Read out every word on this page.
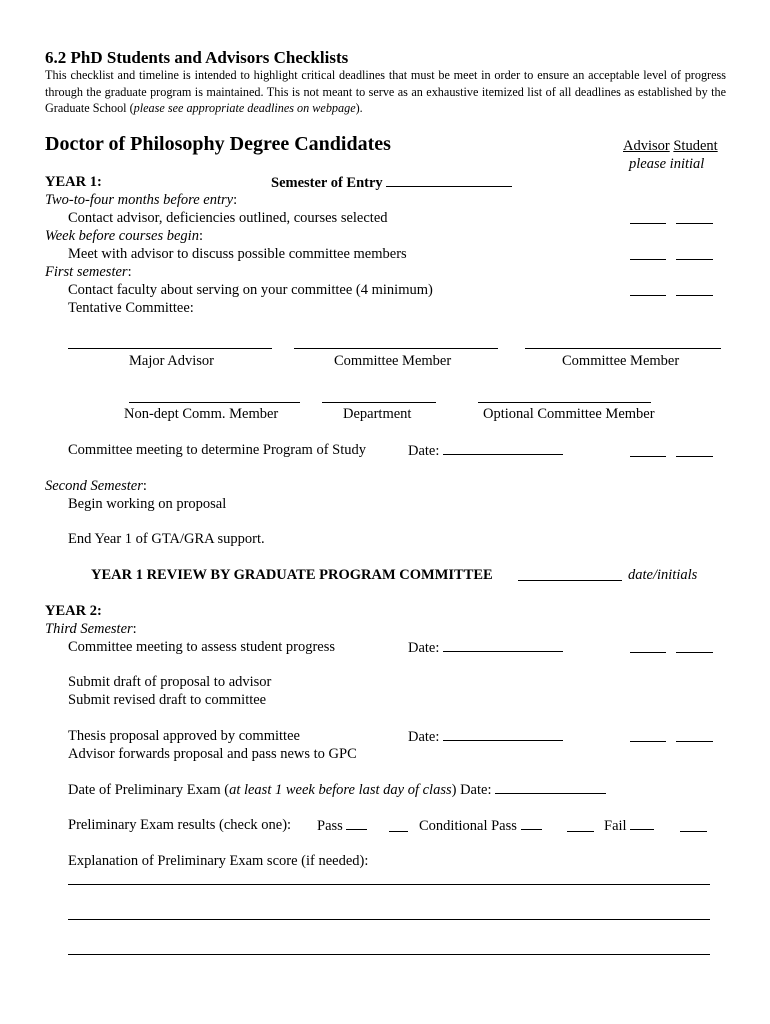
6.2 PhD Students and Advisors Checklists
This checklist and timeline is intended to highlight critical deadlines that must be meet in order to ensure an acceptable level of progress through the graduate program is maintained. This is not meant to serve as an exhaustive itemized list of all deadlines as established by the Graduate School (please see appropriate deadlines on webpage).
Doctor of Philosophy Degree Candidates	Advisor Student
please initial
YEAR 1:	Semester of Entry
Two-to-four months before entry:
Contact advisor, deficiencies outlined, courses selected
Week before courses begin:
Meet with advisor to discuss possible committee members
First semester:
Contact faculty about serving on your committee (4 minimum)
Tentative Committee:
Major Advisor	Committee Member	Committee Member
Non-dept Comm. Member	Department	Optional Committee Member
Committee meeting to determine Program of Study	Date:
Second Semester:
Begin working on proposal
End Year 1 of GTA/GRA support.
YEAR 1 REVIEW BY GRADUATE PROGRAM COMMITTEE	date/initials
YEAR 2:
Third Semester:
Committee meeting to assess student progress	Date:
Submit draft of proposal to advisor
Submit revised draft to committee
Thesis proposal approved by committee	Date:
Advisor forwards proposal and pass news to GPC
Date of Preliminary Exam (at least 1 week before last day of class) Date:
Preliminary Exam results (check one): Pass	Conditional Pass	Fail
Explanation of Preliminary Exam score (if needed):
